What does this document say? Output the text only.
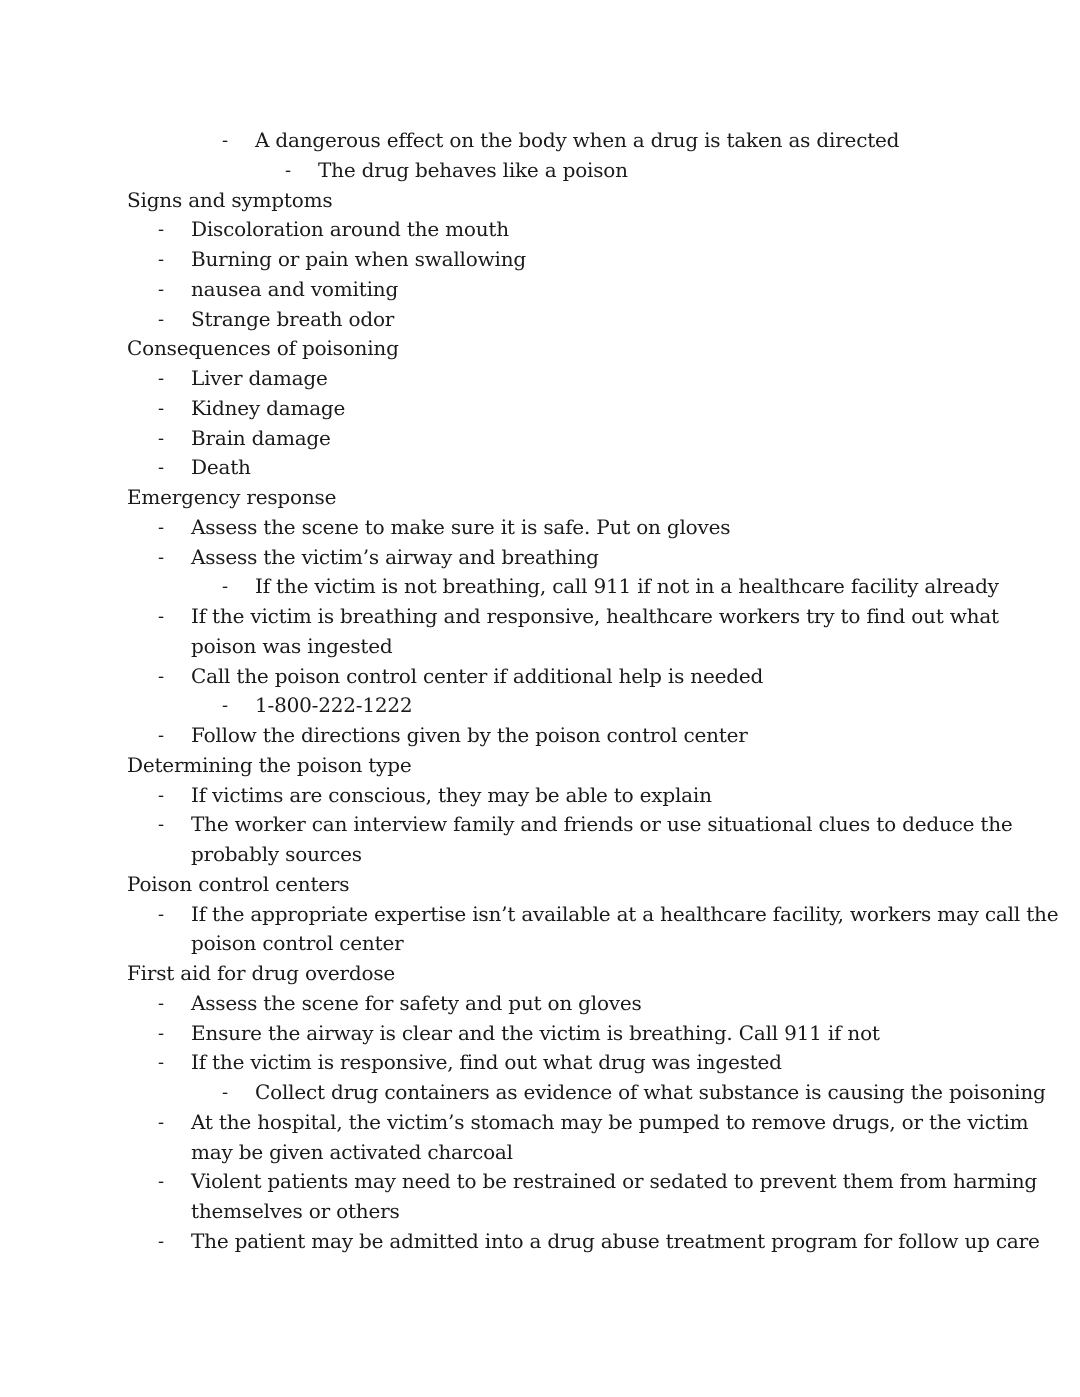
- A dangerous effect on the body when a drug is taken as directed
- The drug behaves like a poison
Signs and symptoms
- Discoloration around the mouth
- Burning or pain when swallowing
- nausea and vomiting
- Strange breath odor
Consequences of poisoning
- Liver damage
- Kidney damage
- Brain damage
- Death
Emergency response
- Assess the scene to make sure it is safe. Put on gloves
- Assess the victim’s airway and breathing
- If the victim is not breathing, call 911 if not in a healthcare facility already
- If the victim is breathing and responsive, healthcare workers try to find out what
poison was ingested
- Call the poison control center if additional help is needed
- 1-800-222-1222
- Follow the directions given by the poison control center
Determining the poison type
- If victims are conscious, they may be able to explain
- The worker can interview family and friends or use situational clues to deduce the
probably sources
Poison control centers
- If the appropriate expertise isn’t available at a healthcare facility, workers may call the
poison control center
First aid for drug overdose
- Assess the scene for safety and put on gloves
- Ensure the airway is clear and the victim is breathing. Call 911 if not
- If the victim is responsive, find out what drug was ingested
- Collect drug containers as evidence of what substance is causing the poisoning
- At the hospital, the victim’s stomach may be pumped to remove drugs, or the victim
may be given activated charcoal
- Violent patients may need to be restrained or sedated to prevent them from harming
themselves or others
- The patient may be admitted into a drug abuse treatment program for follow up care
